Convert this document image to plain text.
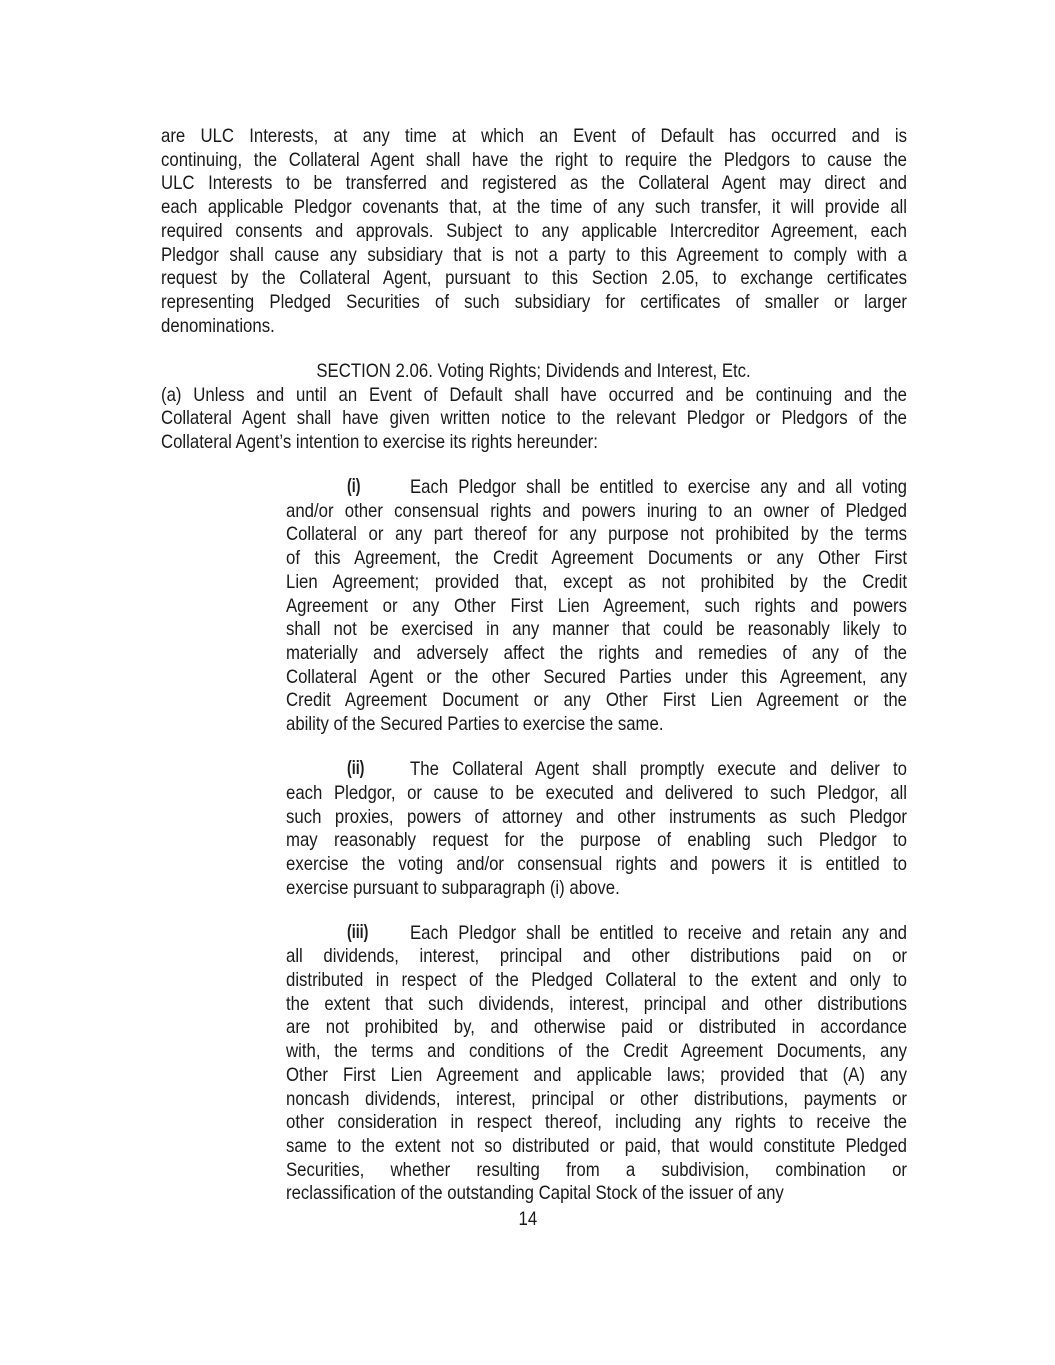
are ULC Interests, at any time at which an Event of Default has occurred and is
continuing, the Collateral Agent shall have the right to require the Pledgors to cause the
ULC Interests to be transferred and registered as the Collateral Agent may direct and
each applicable Pledgor covenants that, at the time of any such transfer, it will provide all
required consents and approvals. Subject to any applicable Intercreditor Agreement, each
Pledgor shall cause any subsidiary that is not a party to this Agreement to comply with a
request by the Collateral Agent, pursuant to this Section 2.05, to exchange certificates
representing Pledged Securities of such subsidiary for certificates of smaller or larger
denominations.
SECTION 2.06. Voting Rights; Dividends and Interest, Etc.
(a) Unless and until an Event of Default shall have occurred and be continuing and the
Collateral Agent shall have given written notice to the relevant Pledgor or Pledgors of the
Collateral Agent’s intention to exercise its rights hereunder:
(i)	Each Pledgor shall be entitled to exercise any and all voting
and/or other consensual rights and powers inuring to an owner of Pledged
Collateral or any part thereof for any purpose not prohibited by the terms
of this Agreement, the Credit Agreement Documents or any Other First
Lien Agreement; provided that, except as not prohibited by the Credit
Agreement or any Other First Lien Agreement, such rights and powers
shall not be exercised in any manner that could be reasonably likely to
materially and adversely affect the rights and remedies of any of the
Collateral Agent or the other Secured Parties under this Agreement, any
Credit Agreement Document or any Other First Lien Agreement or the
ability of the Secured Parties to exercise the same.
(ii) The Collateral Agent shall promptly execute and deliver to
each Pledgor, or cause to be executed and delivered to such Pledgor, all
such proxies, powers of attorney and other instruments as such Pledgor
may reasonably request for the purpose of enabling such Pledgor to
exercise the voting and/or consensual rights and powers it is entitled to
exercise pursuant to subparagraph (i) above.
(iii) Each Pledgor shall be entitled to receive and retain any and
all dividends, interest, principal and other distributions paid on or
distributed in respect of the Pledged Collateral to the extent and only to
the extent that such dividends, interest, principal and other distributions
are not prohibited by, and otherwise paid or distributed in accordance
with, the terms and conditions of the Credit Agreement Documents, any
Other First Lien Agreement and applicable laws; provided that (A) any
noncash dividends, interest, principal or other distributions, payments or
other consideration in respect thereof, including any rights to receive the
same to the extent not so distributed or paid, that would constitute Pledged
Securities, whether resulting from a subdivision, combination or
reclassification of the outstanding Capital Stock of the issuer of any
14
